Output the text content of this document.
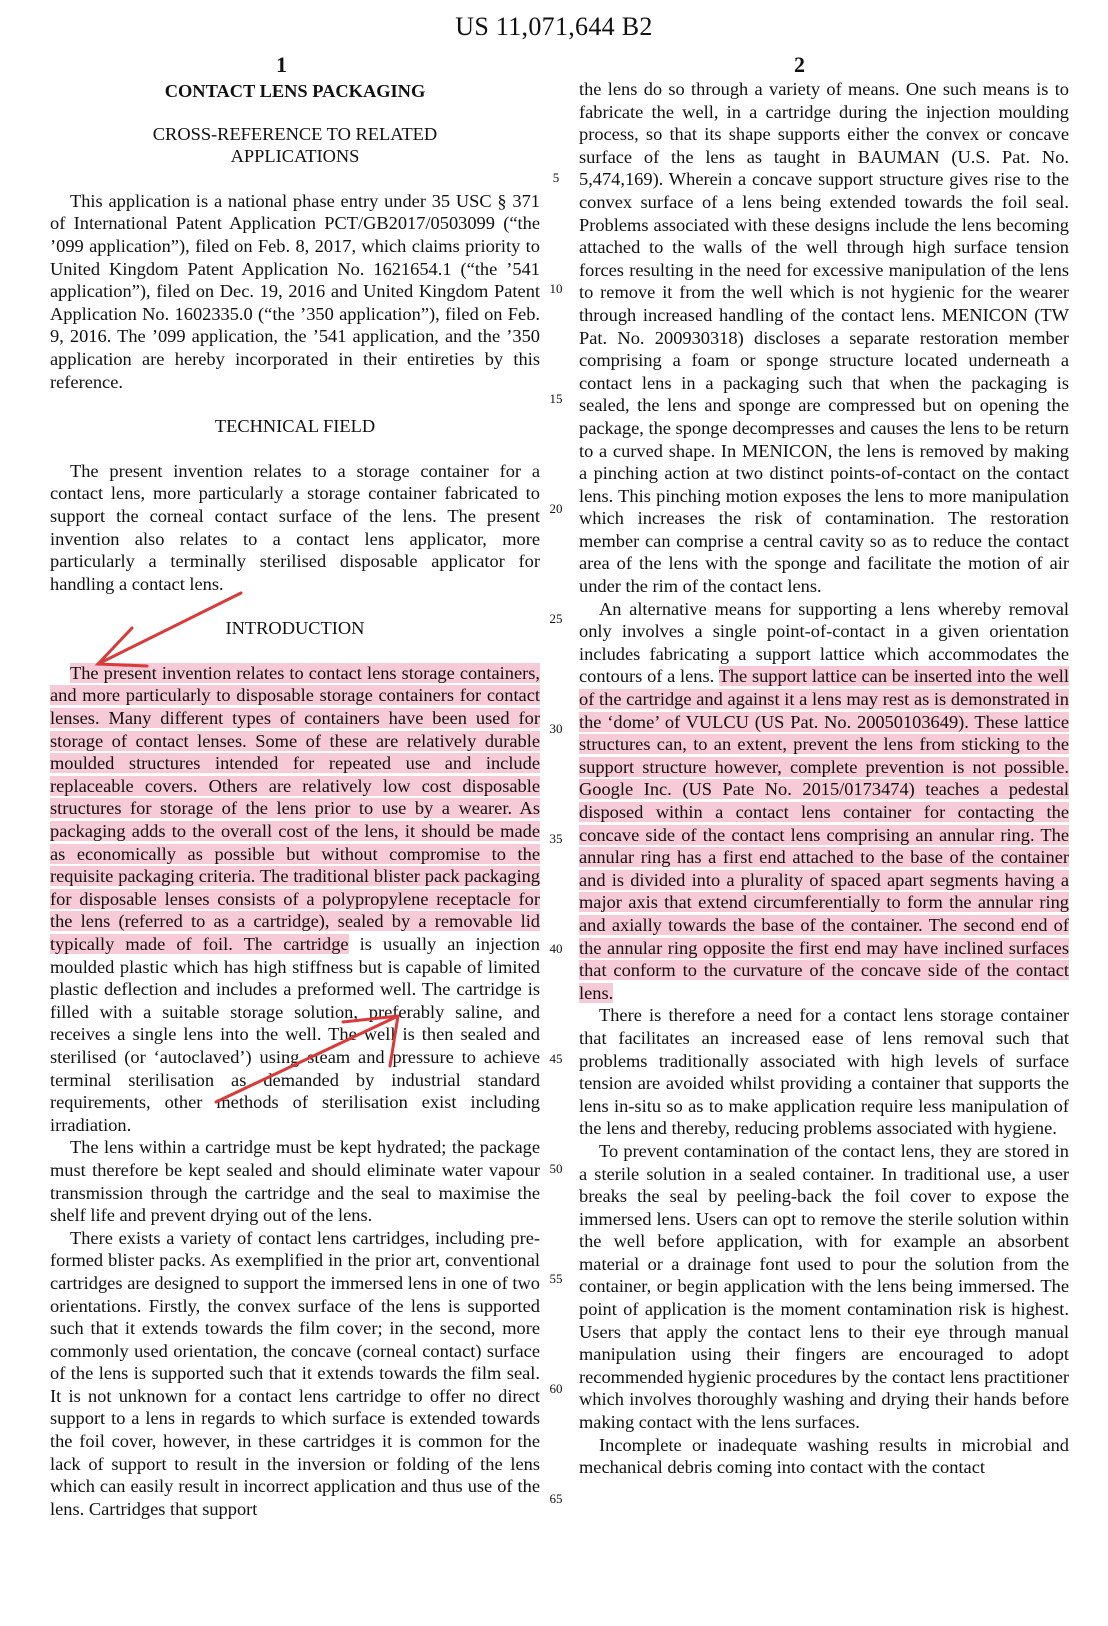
US 11,071,644 B2
1	2
CONTACT LENS PACKAGING
CROSS-REFERENCE TO RELATED APPLICATIONS

This application is a national phase entry under 35 USC § 371 of International Patent Application PCT/GB2017/0503099 (“the ’099 application”), filed on Feb. 8, 2017, which claims priority to United Kingdom Patent Application No. 1621654.1 (“the ’541 application”), filed on Dec. 19, 2016 and United Kingdom Patent Application No. 1602335.0 (“the ’350 application”), filed on Feb. 9, 2016. The ’099 application, the ’541 application, and the ’350 application are hereby incorporated in their entireties by this reference.

TECHNICAL FIELD

The present invention relates to a storage container for a contact lens, more particularly a storage container fabricated to support the corneal contact surface of the lens. The present invention also relates to a contact lens applicator, more particularly a terminally sterilised disposable applicator for handling a contact lens.

INTRODUCTION

The present invention relates to contact lens storage containers, and more particularly to disposable storage containers for contact lenses. Many different types of containers have been used for storage of contact lenses. Some of these are relatively durable moulded structures intended for repeated use and include replaceable covers. Others are relatively low cost disposable structures for storage of the lens prior to use by a wearer. As packaging adds to the overall cost of the lens, it should be made as economically as possible but without compromise to the requisite packaging criteria. The traditional blister pack packaging for disposable lenses consists of a polypropylene receptacle for the lens (referred to as a cartridge), sealed by a removable lid typically made of foil. The cartridge is usually an injection moulded plastic which has high stiffness but is capable of limited plastic deflection and includes a preformed well. The cartridge is filled with a suitable storage solution, preferably saline, and receives a single lens into the well. The well is then sealed and sterilised (or ‘autoclaved’) using steam and pressure to achieve terminal sterilisation as demanded by industrial standard requirements, other methods of sterilisation exist including irradiation.

The lens within a cartridge must be kept hydrated; the package must therefore be kept sealed and should eliminate water vapour transmission through the cartridge and the seal to maximise the shelf life and prevent drying out of the lens.

There exists a variety of contact lens cartridges, including pre-formed blister packs. As exemplified in the prior art, conventional cartridges are designed to support the immersed lens in one of two orientations. Firstly, the convex surface of the lens is supported such that it extends towards the film cover; in the second, more commonly used orientation, the concave (corneal contact) surface of the lens is supported such that it extends towards the film seal. It is not unknown for a contact lens cartridge to offer no direct support to a lens in regards to which surface is extended towards the foil cover, however, in these cartridges it is common for the lack of support to result in the inversion or folding of the lens which can easily result in incorrect application and thus use of the lens. Cartridges that support

the lens do so through a variety of means. One such means is to fabricate the well, in a cartridge during the injection moulding process, so that its shape supports either the convex or concave surface of the lens as taught in BAUMAN (U.S. Pat. No. 5,474,169). Wherein a concave support structure gives rise to the convex surface of a lens being extended towards the foil seal. Problems associated with these designs include the lens becoming attached to the walls of the well through high surface tension forces resulting in the need for excessive manipulation of the lens to remove it from the well which is not hygienic for the wearer through increased handling of the contact lens. MENICON (TW Pat. No. 200930318) discloses a separate restoration member comprising a foam or sponge structure located underneath a contact lens in a packaging such that when the packaging is sealed, the lens and sponge are compressed but on opening the package, the sponge decompresses and causes the lens to be return to a curved shape. In MENICON, the lens is removed by making a pinching action at two distinct points-of-contact on the contact lens. This pinching motion exposes the lens to more manipulation which increases the risk of contamination. The restoration member can comprise a central cavity so as to reduce the contact area of the lens with the sponge and facilitate the motion of air under the rim of the contact lens.

An alternative means for supporting a lens whereby removal only involves a single point-of-contact in a given orientation includes fabricating a support lattice which accommodates the contours of a lens. The support lattice can be inserted into the well of the cartridge and against it a lens may rest as is demonstrated in the ‘dome’ of VULCU (US Pat. No. 20050103649). These lattice structures can, to an extent, prevent the lens from sticking to the support structure however, complete prevention is not possible. Google Inc. (US Pate No. 2015/0173474) teaches a pedestal disposed within a contact lens container for contacting the concave side of the contact lens comprising an annular ring. The annular ring has a first end attached to the base of the container and is divided into a plurality of spaced apart segments having a major axis that extend circumferentially to form the annular ring and axially towards the base of the container. The second end of the annular ring opposite the first end may have inclined surfaces that conform to the curvature of the concave side of the contact lens.

There is therefore a need for a contact lens storage container that facilitates an increased ease of lens removal such that problems traditionally associated with high levels of surface tension are avoided whilst providing a container that supports the lens in-situ so as to make application require less manipulation of the lens and thereby, reducing problems associated with hygiene.

To prevent contamination of the contact lens, they are stored in a sterile solution in a sealed container. In traditional use, a user breaks the seal by peeling-back the foil cover to expose the immersed lens. Users can opt to remove the sterile solution within the well before application, with for example an absorbent material or a drainage font used to pour the solution from the container, or begin application with the lens being immersed. The point of application is the moment contamination risk is highest. Users that apply the contact lens to their eye through manual manipulation using their fingers are encouraged to adopt recommended hygienic procedures by the contact lens practitioner which involves thoroughly washing and drying their hands before making contact with the lens surfaces.

Incomplete or inadequate washing results in microbial and mechanical debris coming into contact with the contact

5
10
15
20
25
30
35
40
45
50
55
60
65
